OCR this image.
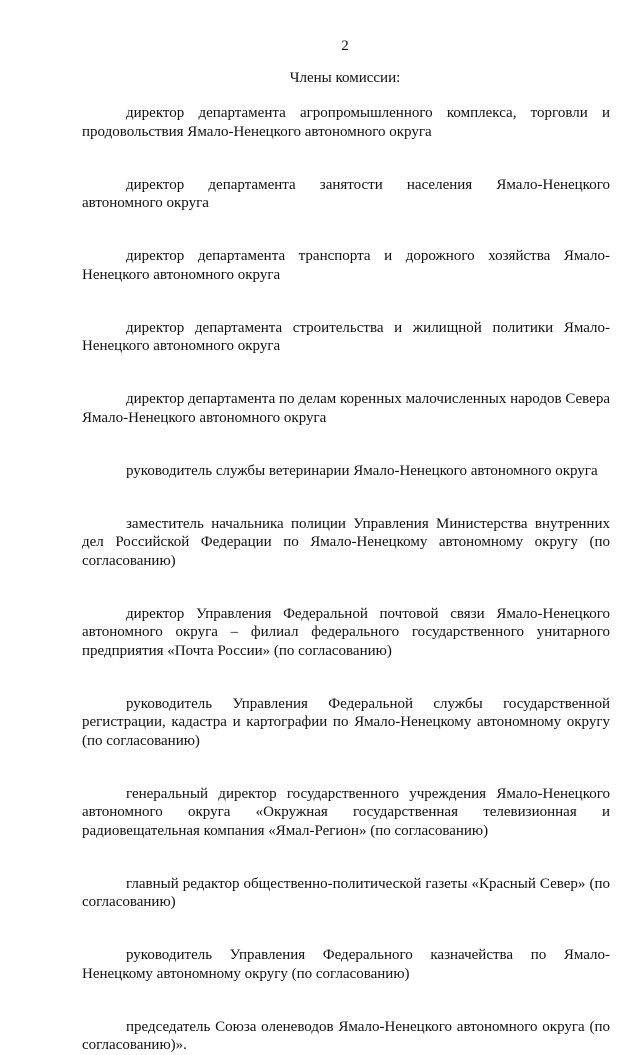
2
Члены комиссии:
директор департамента агропромышленного комплекса, торговли и продовольствия Ямало-Ненецкого автономного округа
директор департамента занятости населения Ямало-Ненецкого автономного округа
директор департамента транспорта и дорожного хозяйства Ямало-Ненецкого автономного округа
директор департамента строительства и жилищной политики Ямало-Ненецкого автономного округа
директор департамента по делам коренных малочисленных народов Севера Ямало-Ненецкого автономного округа
руководитель службы ветеринарии Ямало-Ненецкого автономного округа
заместитель начальника полиции Управления Министерства внутренних дел Российской Федерации по Ямало-Ненецкому автономному округу (по согласованию)
директор Управления Федеральной почтовой связи Ямало-Ненецкого автономного округа – филиал федерального государственного унитарного предприятия «Почта России» (по согласованию)
руководитель Управления Федеральной службы государственной регистрации, кадастра и картографии по Ямало-Ненецкому автономному округу (по согласованию)
генеральный директор государственного учреждения Ямало-Ненецкого автономного округа «Окружная государственная телевизионная и радиовещательная компания «Ямал-Регион» (по согласованию)
главный редактор общественно-политической газеты «Красный Север» (по согласованию)
руководитель Управления Федерального казначейства по Ямало-Ненецкому автономному округу (по согласованию)
председатель Союза оленеводов Ямало-Ненецкого автономного округа (по согласованию)».
